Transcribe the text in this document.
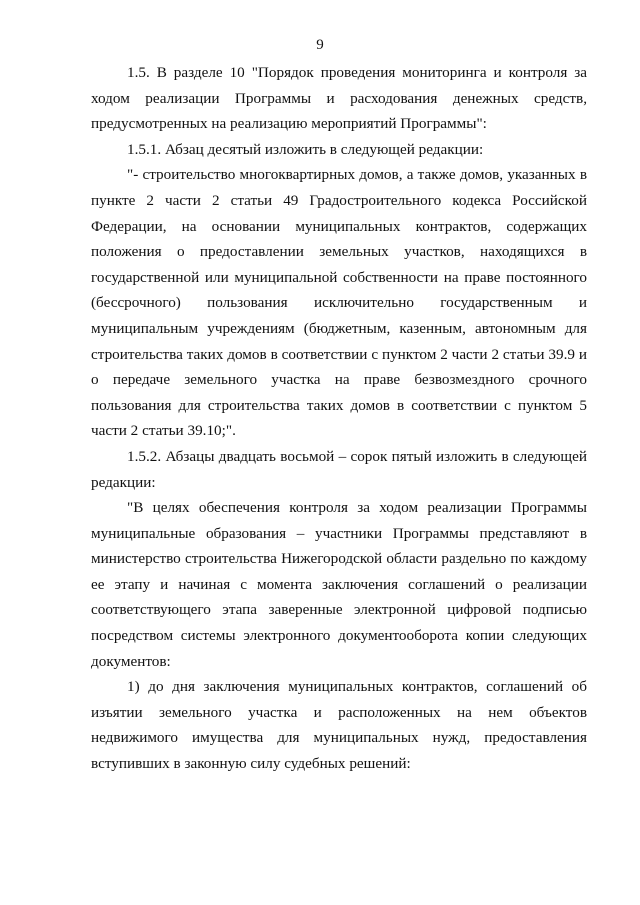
9

1.5. В разделе 10 "Порядок проведения мониторинга и контроля за ходом реализации Программы и расходования денежных средств, предусмотренных на реализацию мероприятий Программы":

1.5.1. Абзац десятый изложить в следующей редакции:

"- строительство многоквартирных домов, а также домов, указанных в пункте 2 части 2 статьи 49 Градостроительного кодекса Российской Федерации, на основании муниципальных контрактов, содержащих положения о предоставлении земельных участков, находящихся в государственной или муниципальной собственности на праве постоянного (бессрочного) пользования исключительно государственным и муниципальным учреждениям (бюджетным, казенным, автономным для строительства таких домов в соответствии с пунктом 2 части 2 статьи 39.9 и о передаче земельного участка на праве безвозмездного срочного пользования для строительства таких домов в соответствии с пунктом 5 части 2 статьи 39.10;".

1.5.2. Абзацы двадцать восьмой – сорок пятый изложить в следующей редакции:

"В целях обеспечения контроля за ходом реализации Программы муниципальные образования – участники Программы представляют в министерство строительства Нижегородской области раздельно по каждому ее этапу и начиная с момента заключения соглашений о реализации соответствующего этапа заверенные электронной цифровой подписью посредством системы электронного документооборота копии следующих документов:

1) до дня заключения муниципальных контрактов, соглашений об изъятии земельного участка и расположенных на нем объектов недвижимого имущества для муниципальных нужд, предоставления вступивших в законную силу судебных решений:
